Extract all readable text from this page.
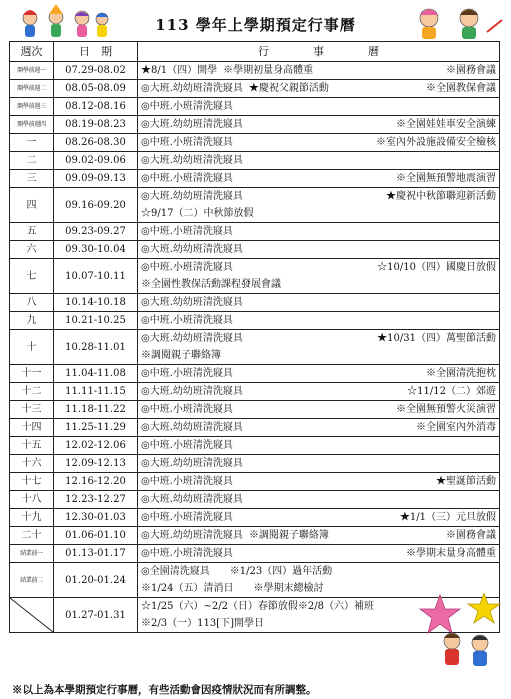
113 學年上學期預定行事曆
週次	日　期	行　　　　事　　　　曆
開學前週一	07.29-08.02	★8/1（四）開學 ※學期初量身高體重 ※園務會議

開學前週二	08.05-08.09	◎大班.幼幼班清洗寢具 ★慶祝父親節活動 ※全園教保會議

開學前週三	08.12-08.16	◎中班.小班清洗寢具

開學前週四	08.19-08.23	◎大班.幼幼班清洗寢具 ※全園娃娃車安全演練

一	08.26-08.30	◎中班.小班清洗寢具 ※室內外設施設備安全檢核

二	09.02-09.06	◎大班.幼幼班清洗寢具

三	09.09-09.13	◎中班.小班清洗寢具 ※全園無預警地震演習

四	09.16-09.20	◎大班.幼幼班清洗寢具 ★慶祝中秋節聯迎新活動
☆9/17（二）中秋節放假

五	09.23-09.27	◎中班.小班清洗寢具

六	09.30-10.04	◎大班.幼幼班清洗寢具

七	10.07-10.11	◎中班.小班清洗寢具 ☆10/10（四）國慶日放假
※全園性教保活動課程發展會議

八	10.14-10.18	◎大班.幼幼班清洗寢具

九	10.21-10.25	◎中班.小班清洗寢具

十	10.28-11.01	◎大班.幼幼班清洗寢具 ★10/31（四）萬聖節活動
※調閱親子聯絡簿

十一	11.04-11.08	◎中班.小班清洗寢具 ※全園清洗抱枕

十二	11.11-11.15	◎大班.幼幼班清洗寢具 ☆11/12（二）郊遊

十三	11.18-11.22	◎中班.小班清洗寢具 ※全園無預警火災演習

十四	11.25-11.29	◎大班.幼幼班清洗寢具 ※全園室內外消毒

十五	12.02-12.06	◎中班.小班清洗寢具

十六	12.09-12.13	◎大班.幼幼班清洗寢具

十七	12.16-12.20	◎中班.小班清洗寢具 ★聖誕節活動

十八	12.23-12.27	◎大班.幼幼班清洗寢具

十九	12.30-01.03	◎中班.小班清洗寢具 ★1/1（三）元旦放假

二十	01.06-01.10	◎大班.幼幼班清洗寢具 ※調閱親子聯絡簿 ※園務會議

結業前一	01.13-01.17	◎中班.小班清洗寢具 ※學期末量身高體重

結業前二	01.20-01.24	◎全園清洗寢具　　※1/23（四）過年活動
※1/24（五）清消日　　※學期末總檢討

	01.27-01.31	☆1/25（六）~2/2（日）春節放假※2/8（六）補班
※2/3（一）113[下]開學日
※以上為本學期預定行事曆，有些活動會因疫情狀況而有所調整。
